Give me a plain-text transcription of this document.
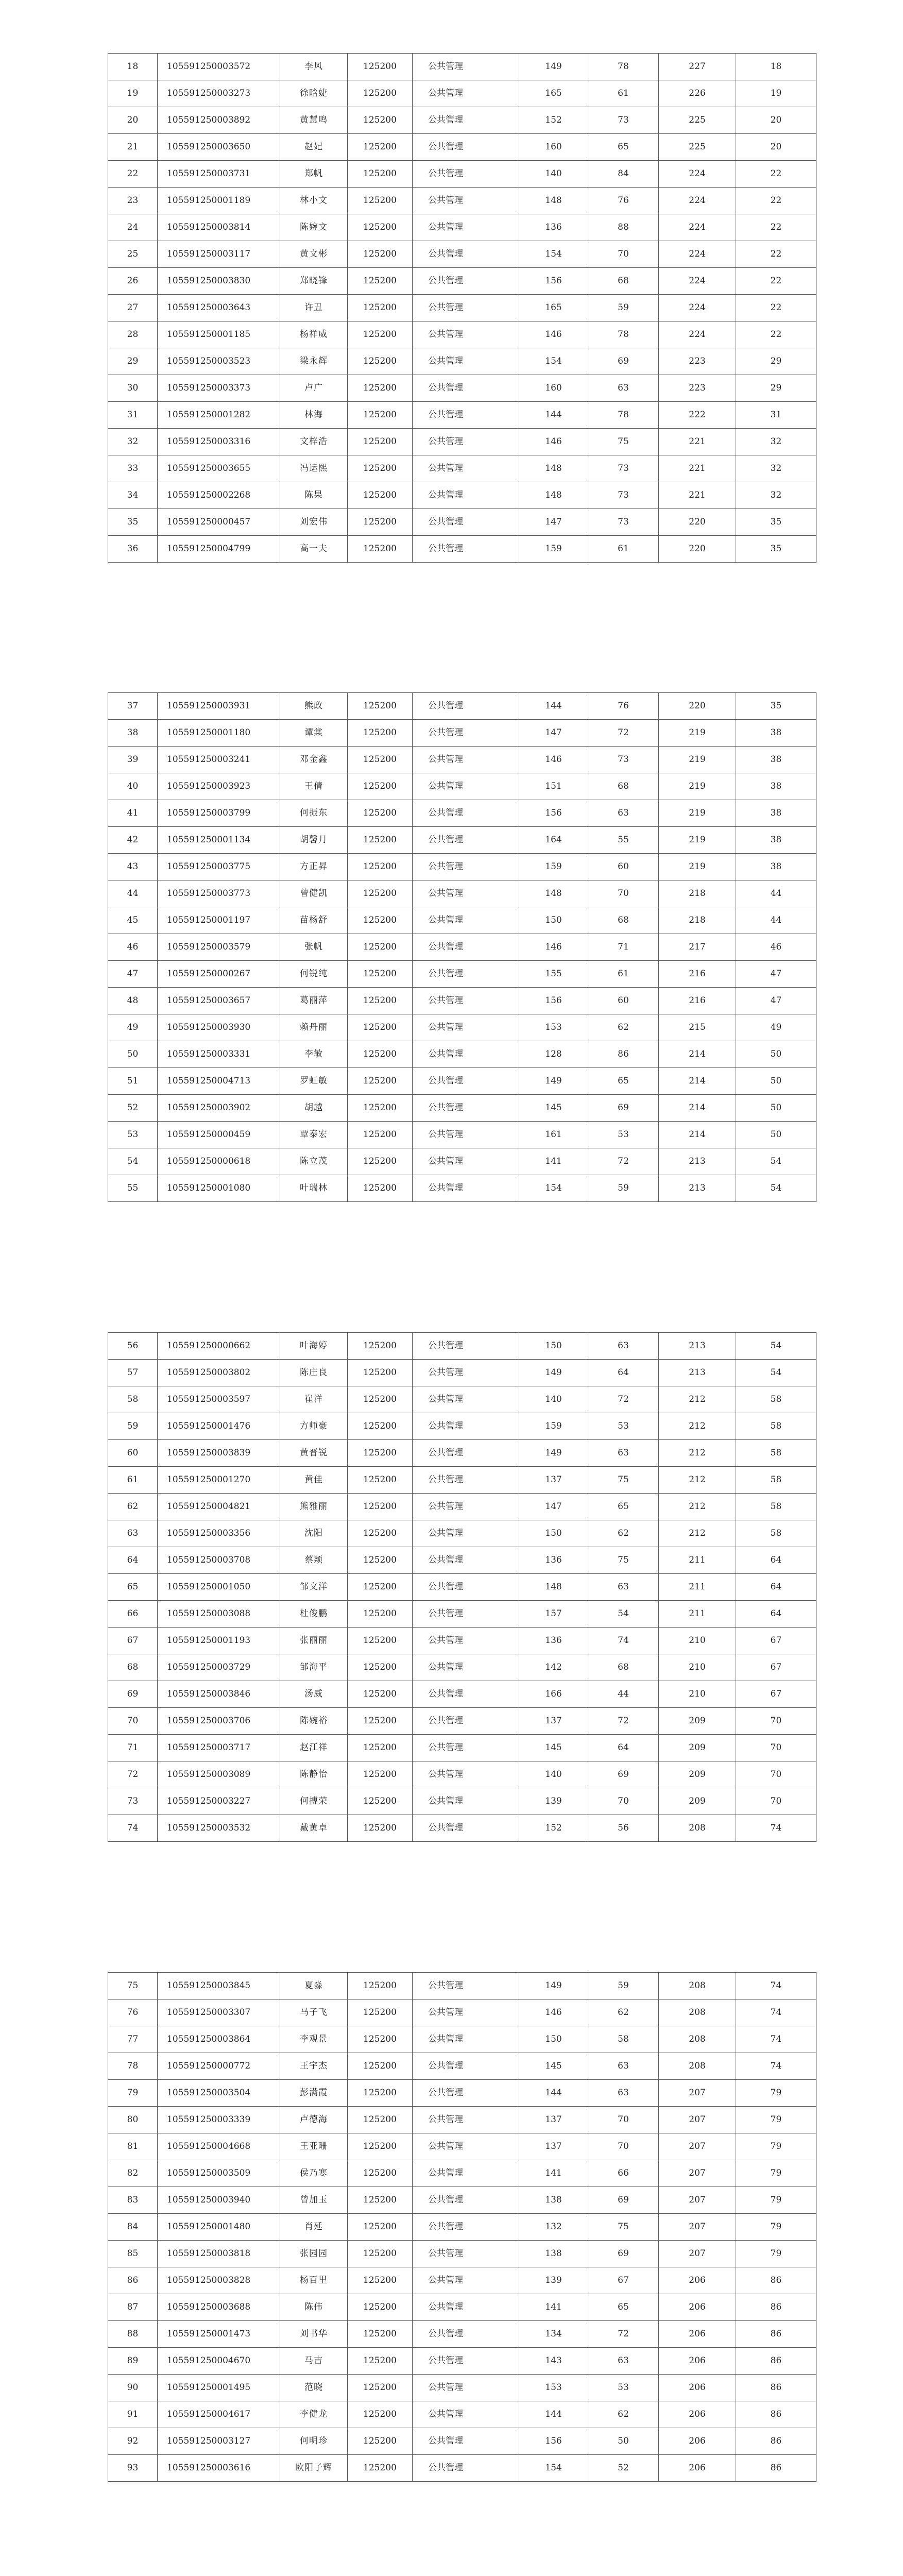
18	105591250003572	李风	125200	公共管理	149	78	227	18
19	105591250003273	徐晗婕	125200	公共管理	165	61	226	19
20	105591250003892	黄慧鸣	125200	公共管理	152	73	225	20
21	105591250003650	赵妃	125200	公共管理	160	65	225	20
22	105591250003731	郑帆	125200	公共管理	140	84	224	22
23	105591250001189	林小文	125200	公共管理	148	76	224	22
24	105591250003814	陈婉文	125200	公共管理	136	88	224	22
25	105591250003117	黄文彬	125200	公共管理	154	70	224	22
26	105591250003830	郑晓锋	125200	公共管理	156	68	224	22
27	105591250003643	许丑	125200	公共管理	165	59	224	22
28	105591250001185	杨祥威	125200	公共管理	146	78	224	22
29	105591250003523	梁永辉	125200	公共管理	154	69	223	29
30	105591250003373	卢广	125200	公共管理	160	63	223	29
31	105591250001282	林海	125200	公共管理	144	78	222	31
32	105591250003316	文梓浩	125200	公共管理	146	75	221	32
33	105591250003655	冯运熙	125200	公共管理	148	73	221	32
34	105591250002268	陈果	125200	公共管理	148	73	221	32
35	105591250000457	刘宏伟	125200	公共管理	147	73	220	35
36	105591250004799	高一夫	125200	公共管理	159	61	220	35
37	105591250003931	熊政	125200	公共管理	144	76	220	35
38	105591250001180	谭棠	125200	公共管理	147	72	219	38
39	105591250003241	邓金鑫	125200	公共管理	146	73	219	38
40	105591250003923	王倩	125200	公共管理	151	68	219	38
41	105591250003799	何振东	125200	公共管理	156	63	219	38
42	105591250001134	胡馨月	125200	公共管理	164	55	219	38
43	105591250003775	方正昇	125200	公共管理	159	60	219	38
44	105591250003773	曾健凯	125200	公共管理	148	70	218	44
45	105591250001197	苗杨舒	125200	公共管理	150	68	218	44
46	105591250003579	张帆	125200	公共管理	146	71	217	46
47	105591250000267	何锐纯	125200	公共管理	155	61	216	47
48	105591250003657	葛丽萍	125200	公共管理	156	60	216	47
49	105591250003930	赖丹丽	125200	公共管理	153	62	215	49
50	105591250003331	李敏	125200	公共管理	128	86	214	50
51	105591250004713	罗虹敏	125200	公共管理	149	65	214	50
52	105591250003902	胡越	125200	公共管理	145	69	214	50
53	105591250000459	覃泰宏	125200	公共管理	161	53	214	50
54	105591250000618	陈立茂	125200	公共管理	141	72	213	54
55	105591250001080	叶瑞林	125200	公共管理	154	59	213	54
56	105591250000662	叶海婷	125200	公共管理	150	63	213	54
57	105591250003802	陈庄良	125200	公共管理	149	64	213	54
58	105591250003597	崔洋	125200	公共管理	140	72	212	58
59	105591250001476	方师豪	125200	公共管理	159	53	212	58
60	105591250003839	黄晋锐	125200	公共管理	149	63	212	58
61	105591250001270	黄佳	125200	公共管理	137	75	212	58
62	105591250004821	熊雅丽	125200	公共管理	147	65	212	58
63	105591250003356	沈阳	125200	公共管理	150	62	212	58
64	105591250003708	蔡颖	125200	公共管理	136	75	211	64
65	105591250001050	邹文洋	125200	公共管理	148	63	211	64
66	105591250003088	杜俊鹏	125200	公共管理	157	54	211	64
67	105591250001193	张丽丽	125200	公共管理	136	74	210	67
68	105591250003729	邹海平	125200	公共管理	142	68	210	67
69	105591250003846	汤威	125200	公共管理	166	44	210	67
70	105591250003706	陈婉裕	125200	公共管理	137	72	209	70
71	105591250003717	赵江祥	125200	公共管理	145	64	209	70
72	105591250003089	陈静怡	125200	公共管理	140	69	209	70
73	105591250003227	何搏荣	125200	公共管理	139	70	209	70
74	105591250003532	戴黄卓	125200	公共管理	152	56	208	74
75	105591250003845	夏淼	125200	公共管理	149	59	208	74
76	105591250003307	马子飞	125200	公共管理	146	62	208	74
77	105591250003864	李观景	125200	公共管理	150	58	208	74
78	105591250000772	王宇杰	125200	公共管理	145	63	208	74
79	105591250003504	彭满霞	125200	公共管理	144	63	207	79
80	105591250003339	卢德海	125200	公共管理	137	70	207	79
81	105591250004668	王亚珊	125200	公共管理	137	70	207	79
82	105591250003509	侯乃寒	125200	公共管理	141	66	207	79
83	105591250003940	曾加玉	125200	公共管理	138	69	207	79
84	105591250001480	肖延	125200	公共管理	132	75	207	79
85	105591250003818	张园园	125200	公共管理	138	69	207	79
86	105591250003828	杨百里	125200	公共管理	139	67	206	86
87	105591250003688	陈伟	125200	公共管理	141	65	206	86
88	105591250001473	刘书华	125200	公共管理	134	72	206	86
89	105591250004670	马吉	125200	公共管理	143	63	206	86
90	105591250001495	范晓	125200	公共管理	153	53	206	86
91	105591250004617	李健龙	125200	公共管理	144	62	206	86
92	105591250003127	何明珍	125200	公共管理	156	50	206	86
93	105591250003616	欧阳子辉	125200	公共管理	154	52	206	86
